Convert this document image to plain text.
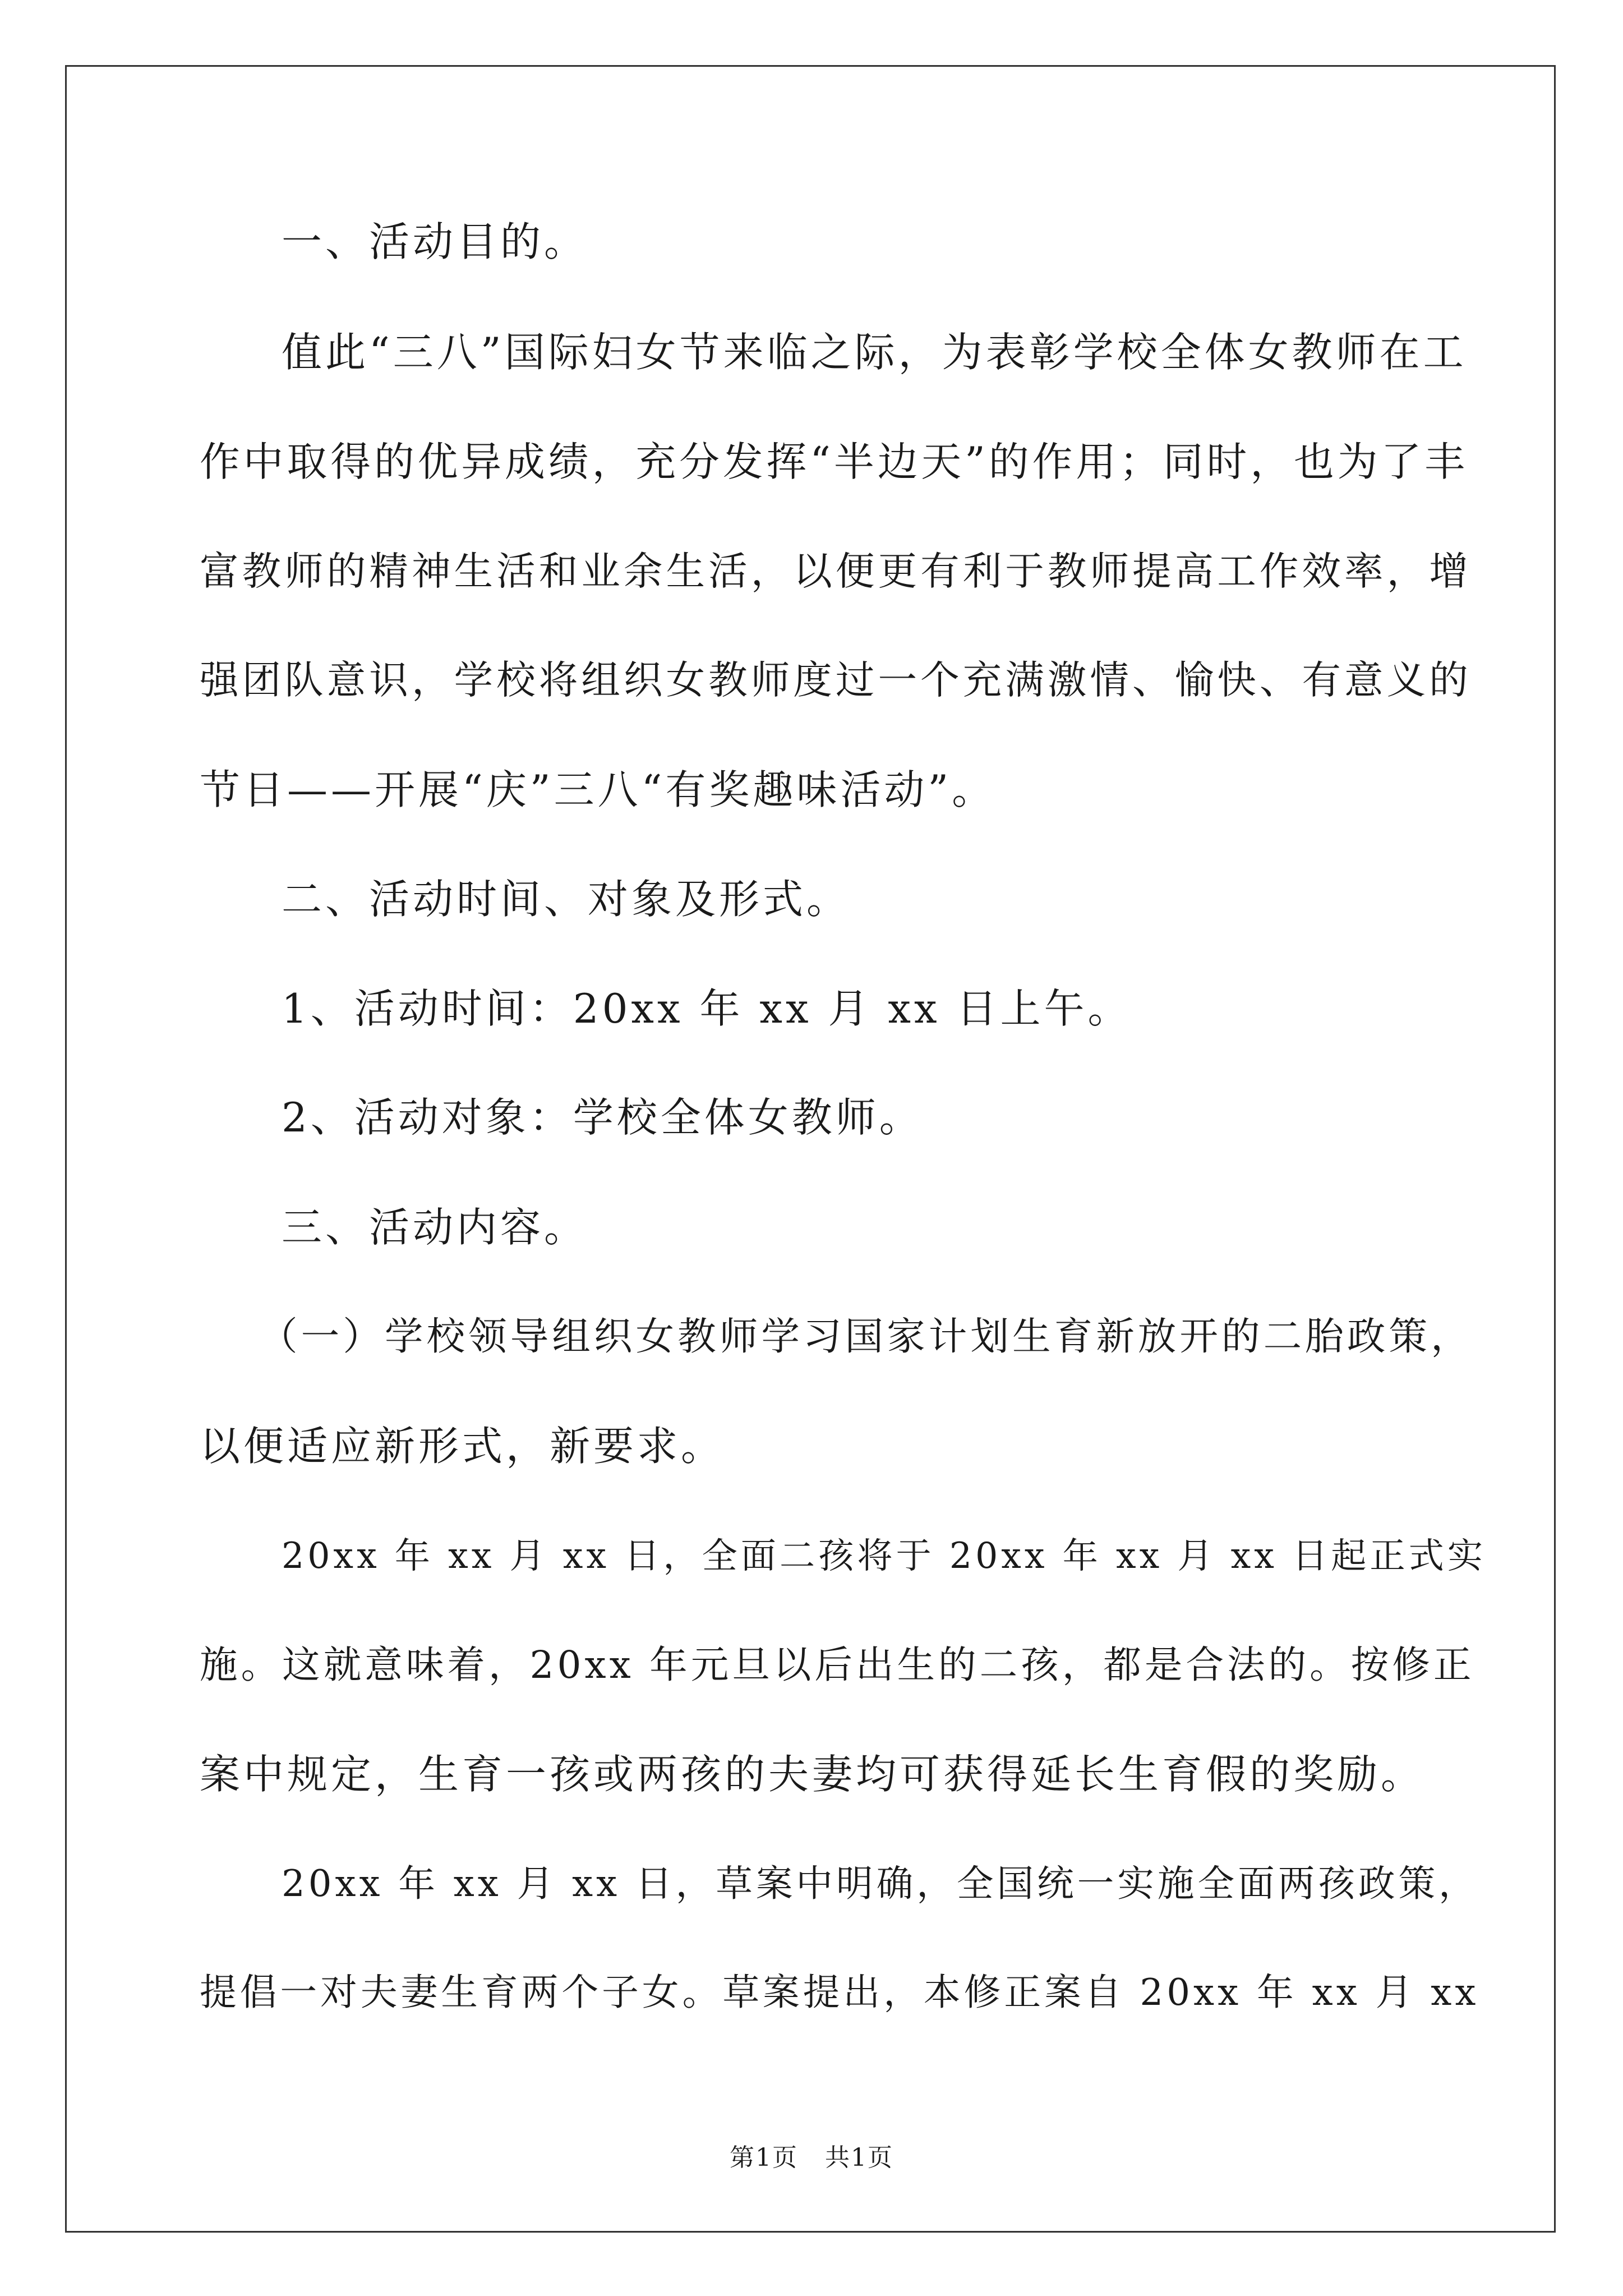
一、活动目的。
值此“三八”国际妇女节来临之际，为表彰学校全体女教师在工
作中取得的优异成绩，充分发挥“半边天”的作用；同时，也为了丰
富教师的精神生活和业余生活，以便更有利于教师提高工作效率，增
强团队意识，学校将组织女教师度过一个充满激情、愉快、有意义的
节日——开展“庆”三八“有奖趣味活动”。
二、活动时间、对象及形式。
1、活动时间：20xx 年 xx 月 xx 日上午。
2、活动对象：学校全体女教师。
三、活动内容。
（一）学校领导组织女教师学习国家计划生育新放开的二胎政策，
以便适应新形式，新要求。
20xx 年 xx 月 xx 日，全面二孩将于 20xx 年 xx 月 xx 日起正式实
施。这就意味着，20xx 年元旦以后出生的二孩，都是合法的。按修正
案中规定，生育一孩或两孩的夫妻均可获得延长生育假的奖励。
20xx 年 xx 月 xx 日，草案中明确，全国统一实施全面两孩政策，
提倡一对夫妻生育两个子女。草案提出，本修正案自 20xx 年 xx 月 xx
第1页   共1页
